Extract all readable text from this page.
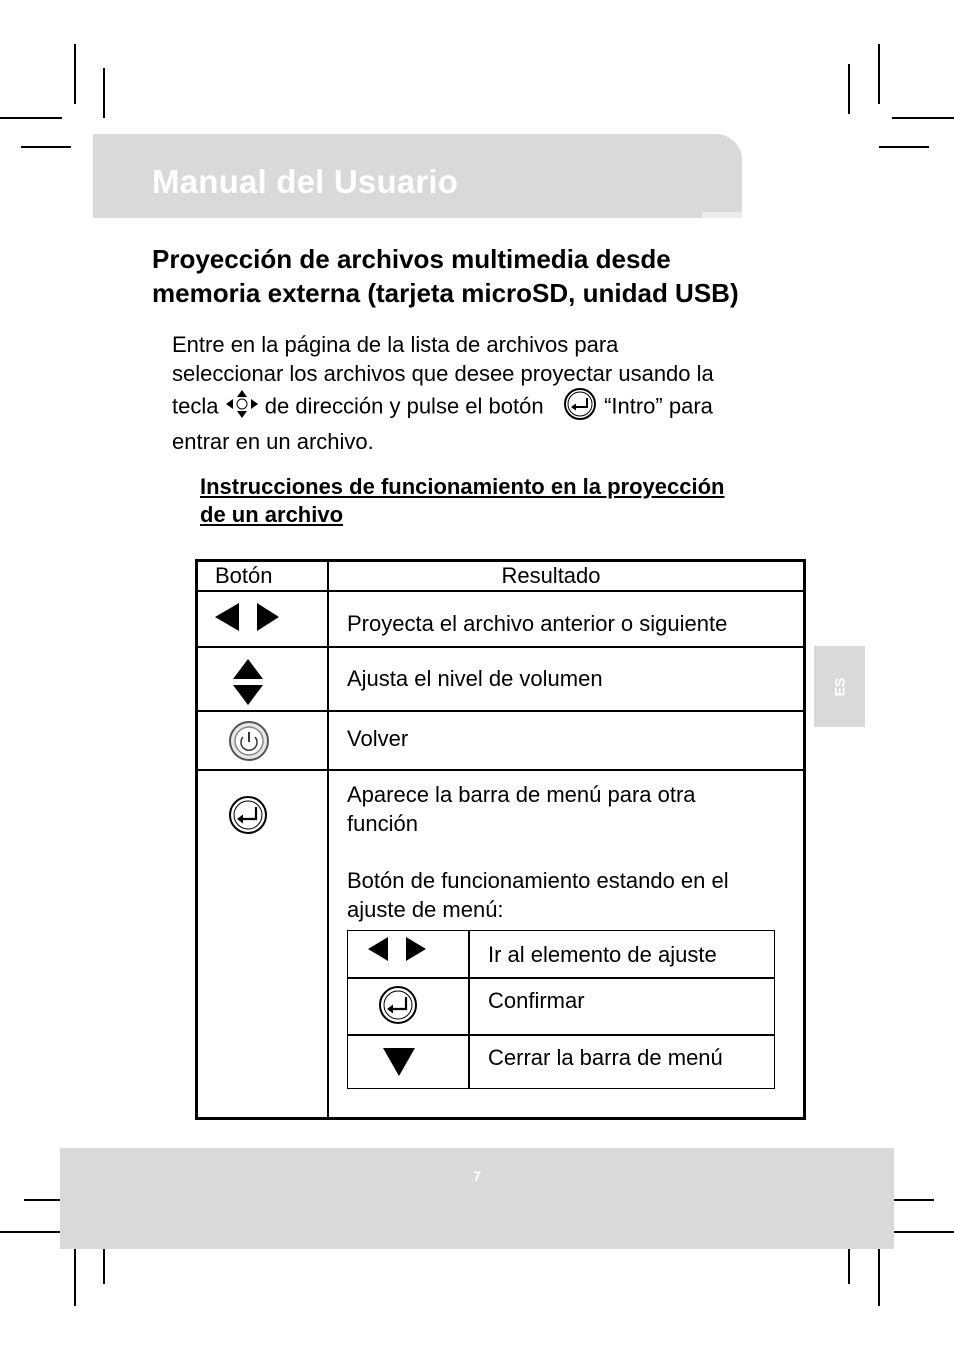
Manual del Usuario
Proyección de archivos multimedia desde
memoria externa (tarjeta microSD, unidad USB)

Entre en la página de la lista de archivos para
seleccionar los archivos que desee proyectar usando la
tecla de dirección y pulse el botón	“Intro” para
entrar en un archivo.

Instrucciones de funcionamiento en la proyección
de un archivo

Botón	Resultado

Proyecta el archivo anterior o siguiente

Ajusta el nivel de volumen

Volver

Aparece la barra de menú para otra
función

Botón de funcionamiento estando en el
ajuste de menú:

Ir al elemento de ajuste

Confirmar

Cerrar la barra de menú

ES
7
